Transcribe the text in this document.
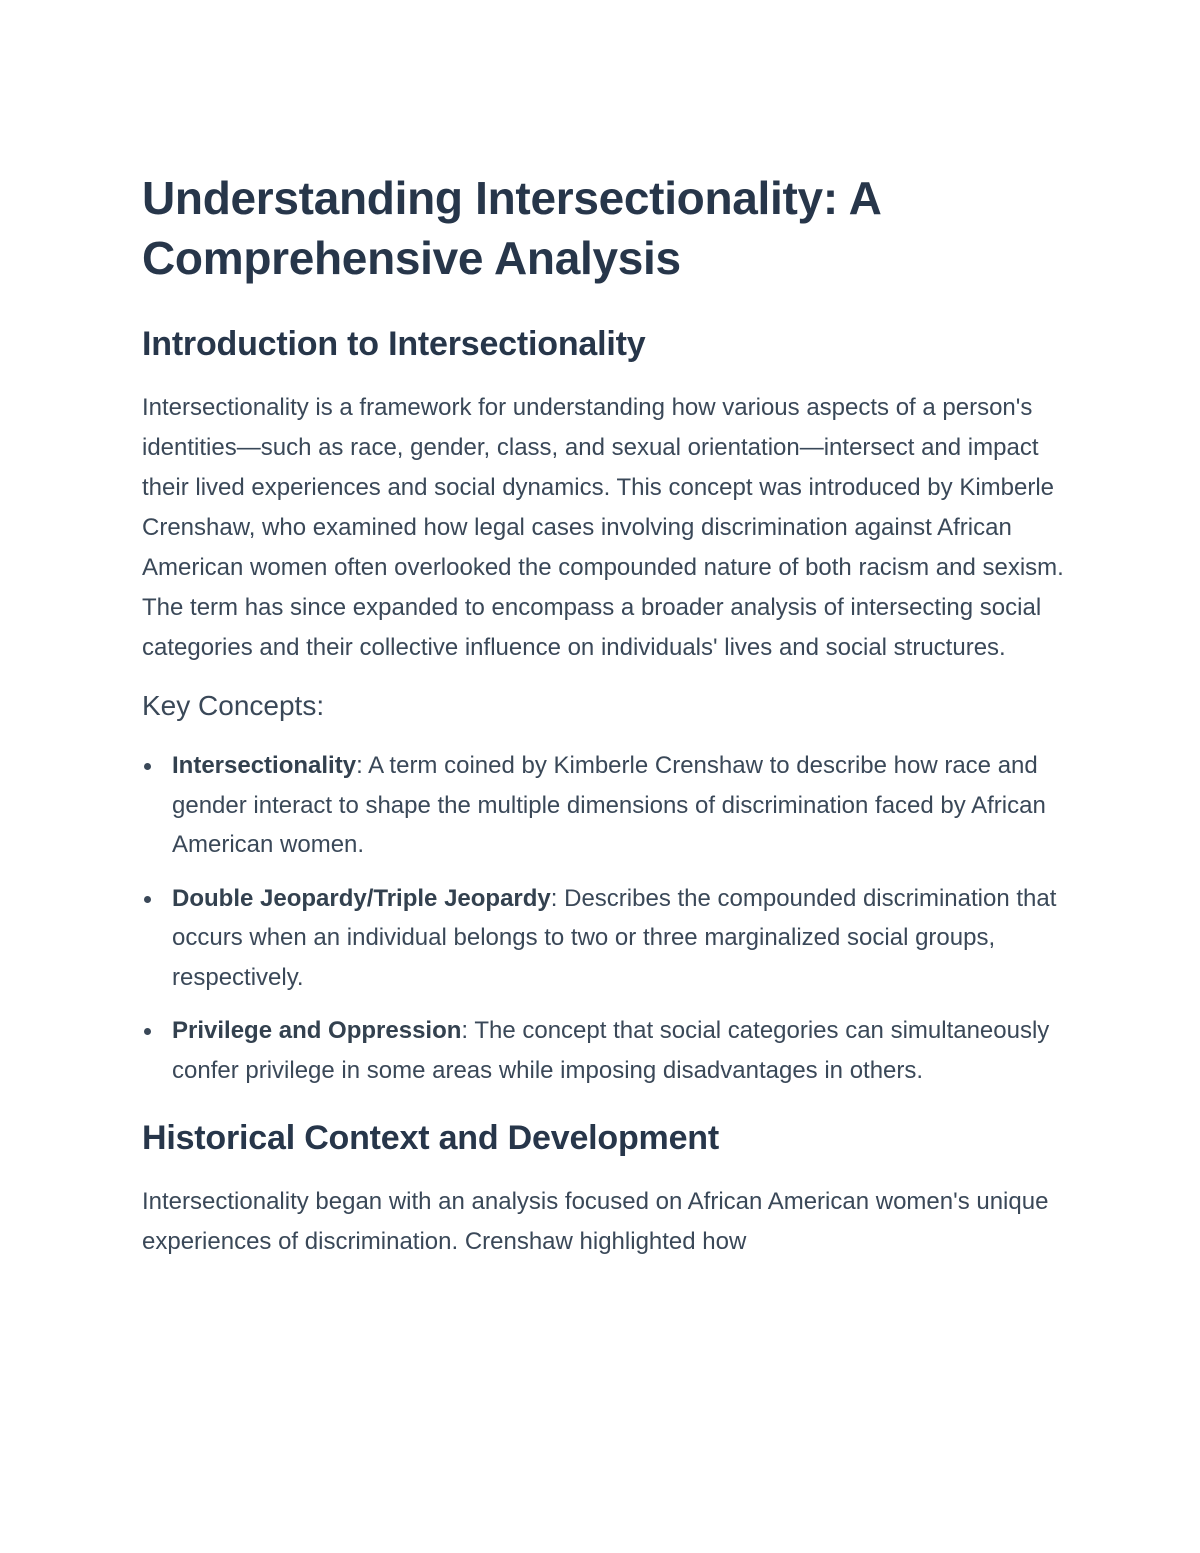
Understanding Intersectionality: A Comprehensive Analysis
Introduction to Intersectionality

Intersectionality is a framework for understanding how various aspects of a person's identities—such as race, gender, class, and sexual orientation—intersect and impact their lived experiences and social dynamics. This concept was introduced by Kimberle Crenshaw, who examined how legal cases involving discrimination against African American women often overlooked the compounded nature of both racism and sexism. The term has since expanded to encompass a broader analysis of intersecting social categories and their collective influence on individuals' lives and social structures.

Key Concepts:
Intersectionality: A term coined by Kimberle Crenshaw to describe how race and gender interact to shape the multiple dimensions of discrimination faced by African American women.
Double Jeopardy/Triple Jeopardy: Describes the compounded discrimination that occurs when an individual belongs to two or three marginalized social groups, respectively.
Privilege and Oppression: The concept that social categories can simultaneously confer privilege in some areas while imposing disadvantages in others.
Historical Context and Development

Intersectionality began with an analysis focused on African American women's unique experiences of discrimination. Crenshaw highlighted how
